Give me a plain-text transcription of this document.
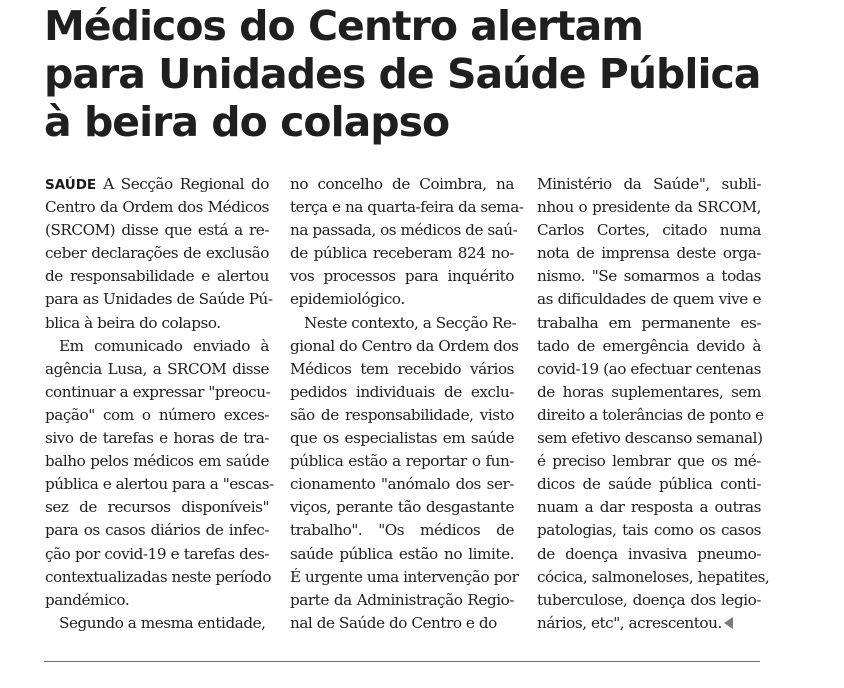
Médicos do Centro alertam
para Unidades de Saúde Pública
à beira do colapso
SAÚDE A Secção Regional do
Centro da Ordem dos Médicos
(SRCOM) disse que está a re-
ceber declarações de exclusão
de responsabilidade e alertou
para as Unidades de Saúde Pú-
blica à beira do colapso.
Em comunicado enviado à
agência Lusa, a SRCOM disse
continuar a expressar "preocu-
pação" com o número exces-
sivo de tarefas e horas de tra-
balho pelos médicos em saúde
pública e alertou para a "escas-
sez de recursos disponíveis"
para os casos diários de infec-
ção por covid-19 e tarefas des-
contextualizadas neste período
pandémico.
Segundo a mesma entidade,
no concelho de Coimbra, na
terça e na quarta-feira da sema-
na passada, os médicos de saú-
de pública receberam 824 no-
vos processos para inquérito
epidemiológico.
Neste contexto, a Secção Re-
gional do Centro da Ordem dos
Médicos tem recebido vários
pedidos individuais de exclu-
são de responsabilidade, visto
que os especialistas em saúde
pública estão a reportar o fun-
cionamento "anómalo dos ser-
viços, perante tão desgastante
trabalho". "Os médicos de
saúde pública estão no limite.
É urgente uma intervenção por
parte da Administração Regio-
nal de Saúde do Centro e do
Ministério da Saúde", subli-
nhou o presidente da SRCOM,
Carlos Cortes, citado numa
nota de imprensa deste orga-
nismo. "Se somarmos a todas
as dificuldades de quem vive e
trabalha em permanente es-
tado de emergência devido à
covid-19 (ao efectuar centenas
de horas suplementares, sem
direito a tolerâncias de ponto e
sem efetivo descanso semanal)
é preciso lembrar que os mé-
dicos de saúde pública conti-
nuam a dar resposta a outras
patologias, tais como os casos
de doença invasiva pneumo-
cócica, salmoneloses, hepatites,
tuberculose, doença dos legio-
nários, etc", acrescentou.
